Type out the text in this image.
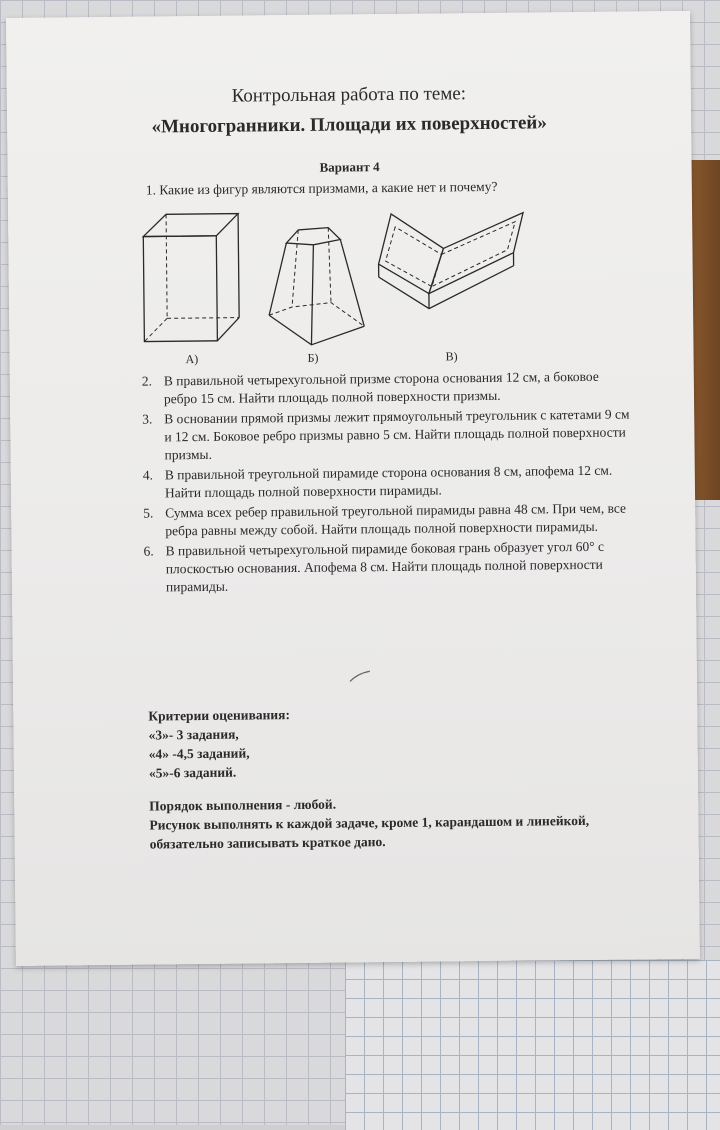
Контрольная работа по теме:
«Многогранники. Площади их поверхностей»
Вариант 4
1. Какие из фигур являются призмами, а какие нет и почему?
А)	Б)	В)
2. В правильной четырехугольной призме сторона основания 12 см, а боковое ребро 15 см. Найти площадь полной поверхности призмы.
3. В основании прямой призмы лежит прямоугольный треугольник с катетами 9 см и 12 см. Боковое ребро призмы равно 5 см. Найти площадь полной поверхности призмы.
4. В правильной треугольной пирамиде сторона основания 8 см, апофема 12 см. Найти площадь полной поверхности пирамиды.
5. Сумма всех ребер правильной треугольной пирамиды равна 48 см. При чем, все ребра равны между собой. Найти площадь полной поверхности пирамиды.
6. В правильной четырехугольной пирамиде боковая грань образует угол 60° с плоскостью основания. Апофема 8 см. Найти площадь полной поверхности пирамиды.
Критерии оценивания:
«3»- 3 задания,
«4» -4,5 заданий,
«5»-6 заданий.
Порядок выполнения - любой.
Рисунок выполнять к каждой задаче, кроме 1, карандашом и линейкой, обязательно записывать краткое дано.
